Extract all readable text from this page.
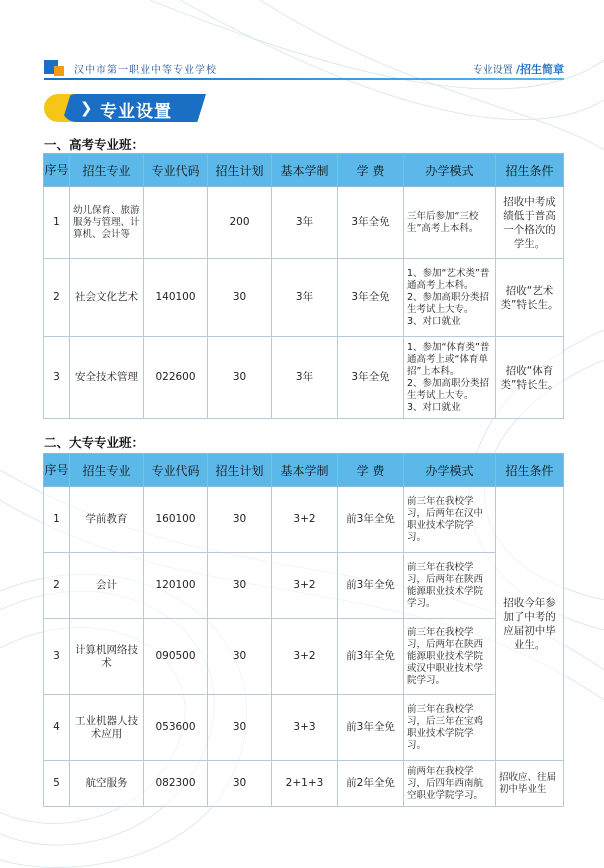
汉中市第一职业中等专业学校	专业设置 /招生简章
❯ 专业设置
一、高考专业班：
序号	招生专业	专业代码	招生计划	基本学制	学 费	办学模式	招生条件
1	幼儿保育、旅游服务与管理、计算机、会计等		200	3年	3年全免	三年后参加“三校生”高考上本科。	招收中考成绩低于普高一个格次的学生。
2	社会文化艺术	140100	30	3年	3年全免	1、参加“艺术类”普通高考上本科。
2、参加高职分类招生考试上大专。
3、对口就业	招收“艺术类”特长生。
3	安全技术管理	022600	30	3年	3年全免	1、参加“体育类”普通高考上或“体育单招”上本科。
2、参加高职分类招生考试上大专。
3、对口就业	招收“体育类”特长生。
二、大专专业班：
序号	招生专业	专业代码	招生计划	基本学制	学 费	办学模式	招生条件
1	学前教育	160100	30	3+2	前3年全免	前三年在我校学习，后两年在汉中职业技术学院学习。	招收今年参加了中考的应届初中毕业生。
2	会计	120100	30	3+2	前3年全免	前三年在我校学习，后两年在陕西能源职业技术学院学习。	
3	计算机网络技术	090500	30	3+2	前3年全免	前三年在我校学习，后两年在陕西能源职业技术学院 或汉中职业技术学院学习。	
4	工业机器人技术应用	053600	30	3+3	前3年全免	前三年在我校学习，后三年在宝鸡职业技术学院学习。	
5	航空服务	082300	30	2+1+3	前2年全免	前两年在我校学习，后四年西南航空职业学院学习。	招收应、往届初中毕业生
